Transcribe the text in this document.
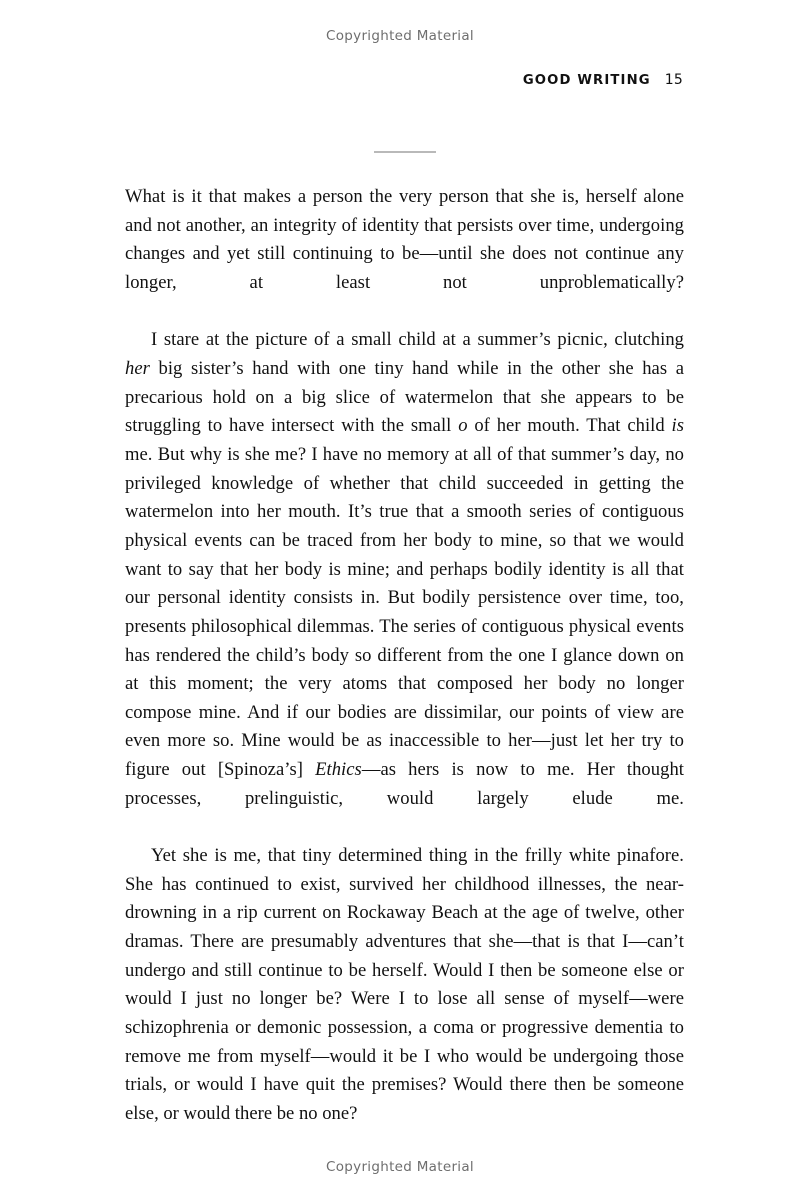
Copyrighted Material
GOOD WRITING 15

What is it that makes a person the very person that she is, herself alone and not another, an integrity of identity that persists over time, undergoing changes and yet still continuing to be—until she does not continue any longer, at least not unproblematically?

I stare at the picture of a small child at a summer’s picnic, clutching her big sister’s hand with one tiny hand while in the other she has a precarious hold on a big slice of watermelon that she appears to be struggling to have intersect with the small o of her mouth. That child is me. But why is she me? I have no memory at all of that summer’s day, no privileged knowledge of whether that child succeeded in getting the watermelon into her mouth. It’s true that a smooth series of contiguous physical events can be traced from her body to mine, so that we would want to say that her body is mine; and perhaps bodily identity is all that our personal identity consists in. But bodily persistence over time, too, presents philosophical dilemmas. The series of contiguous physical events has rendered the child’s body so different from the one I glance down on at this moment; the very atoms that composed her body no longer compose mine. And if our bodies are dissimilar, our points of view are even more so. Mine would be as inaccessible to her—just let her try to figure out [Spinoza’s] Ethics—as hers is now to me. Her thought processes, prelinguistic, would largely elude me.

Yet she is me, that tiny determined thing in the frilly white pinafore. She has continued to exist, survived her childhood illnesses, the near-drowning in a rip current on Rockaway Beach at the age of twelve, other dramas. There are presumably adventures that she—that is that I—can’t undergo and still continue to be herself. Would I then be someone else or would I just no longer be? Were I to lose all sense of myself—were schizophrenia or demonic possession, a coma or progressive dementia to remove me from myself—would it be I who would be undergoing those trials, or would I have quit the premises? Would there then be someone else, or would there be no one?

Copyrighted Material
